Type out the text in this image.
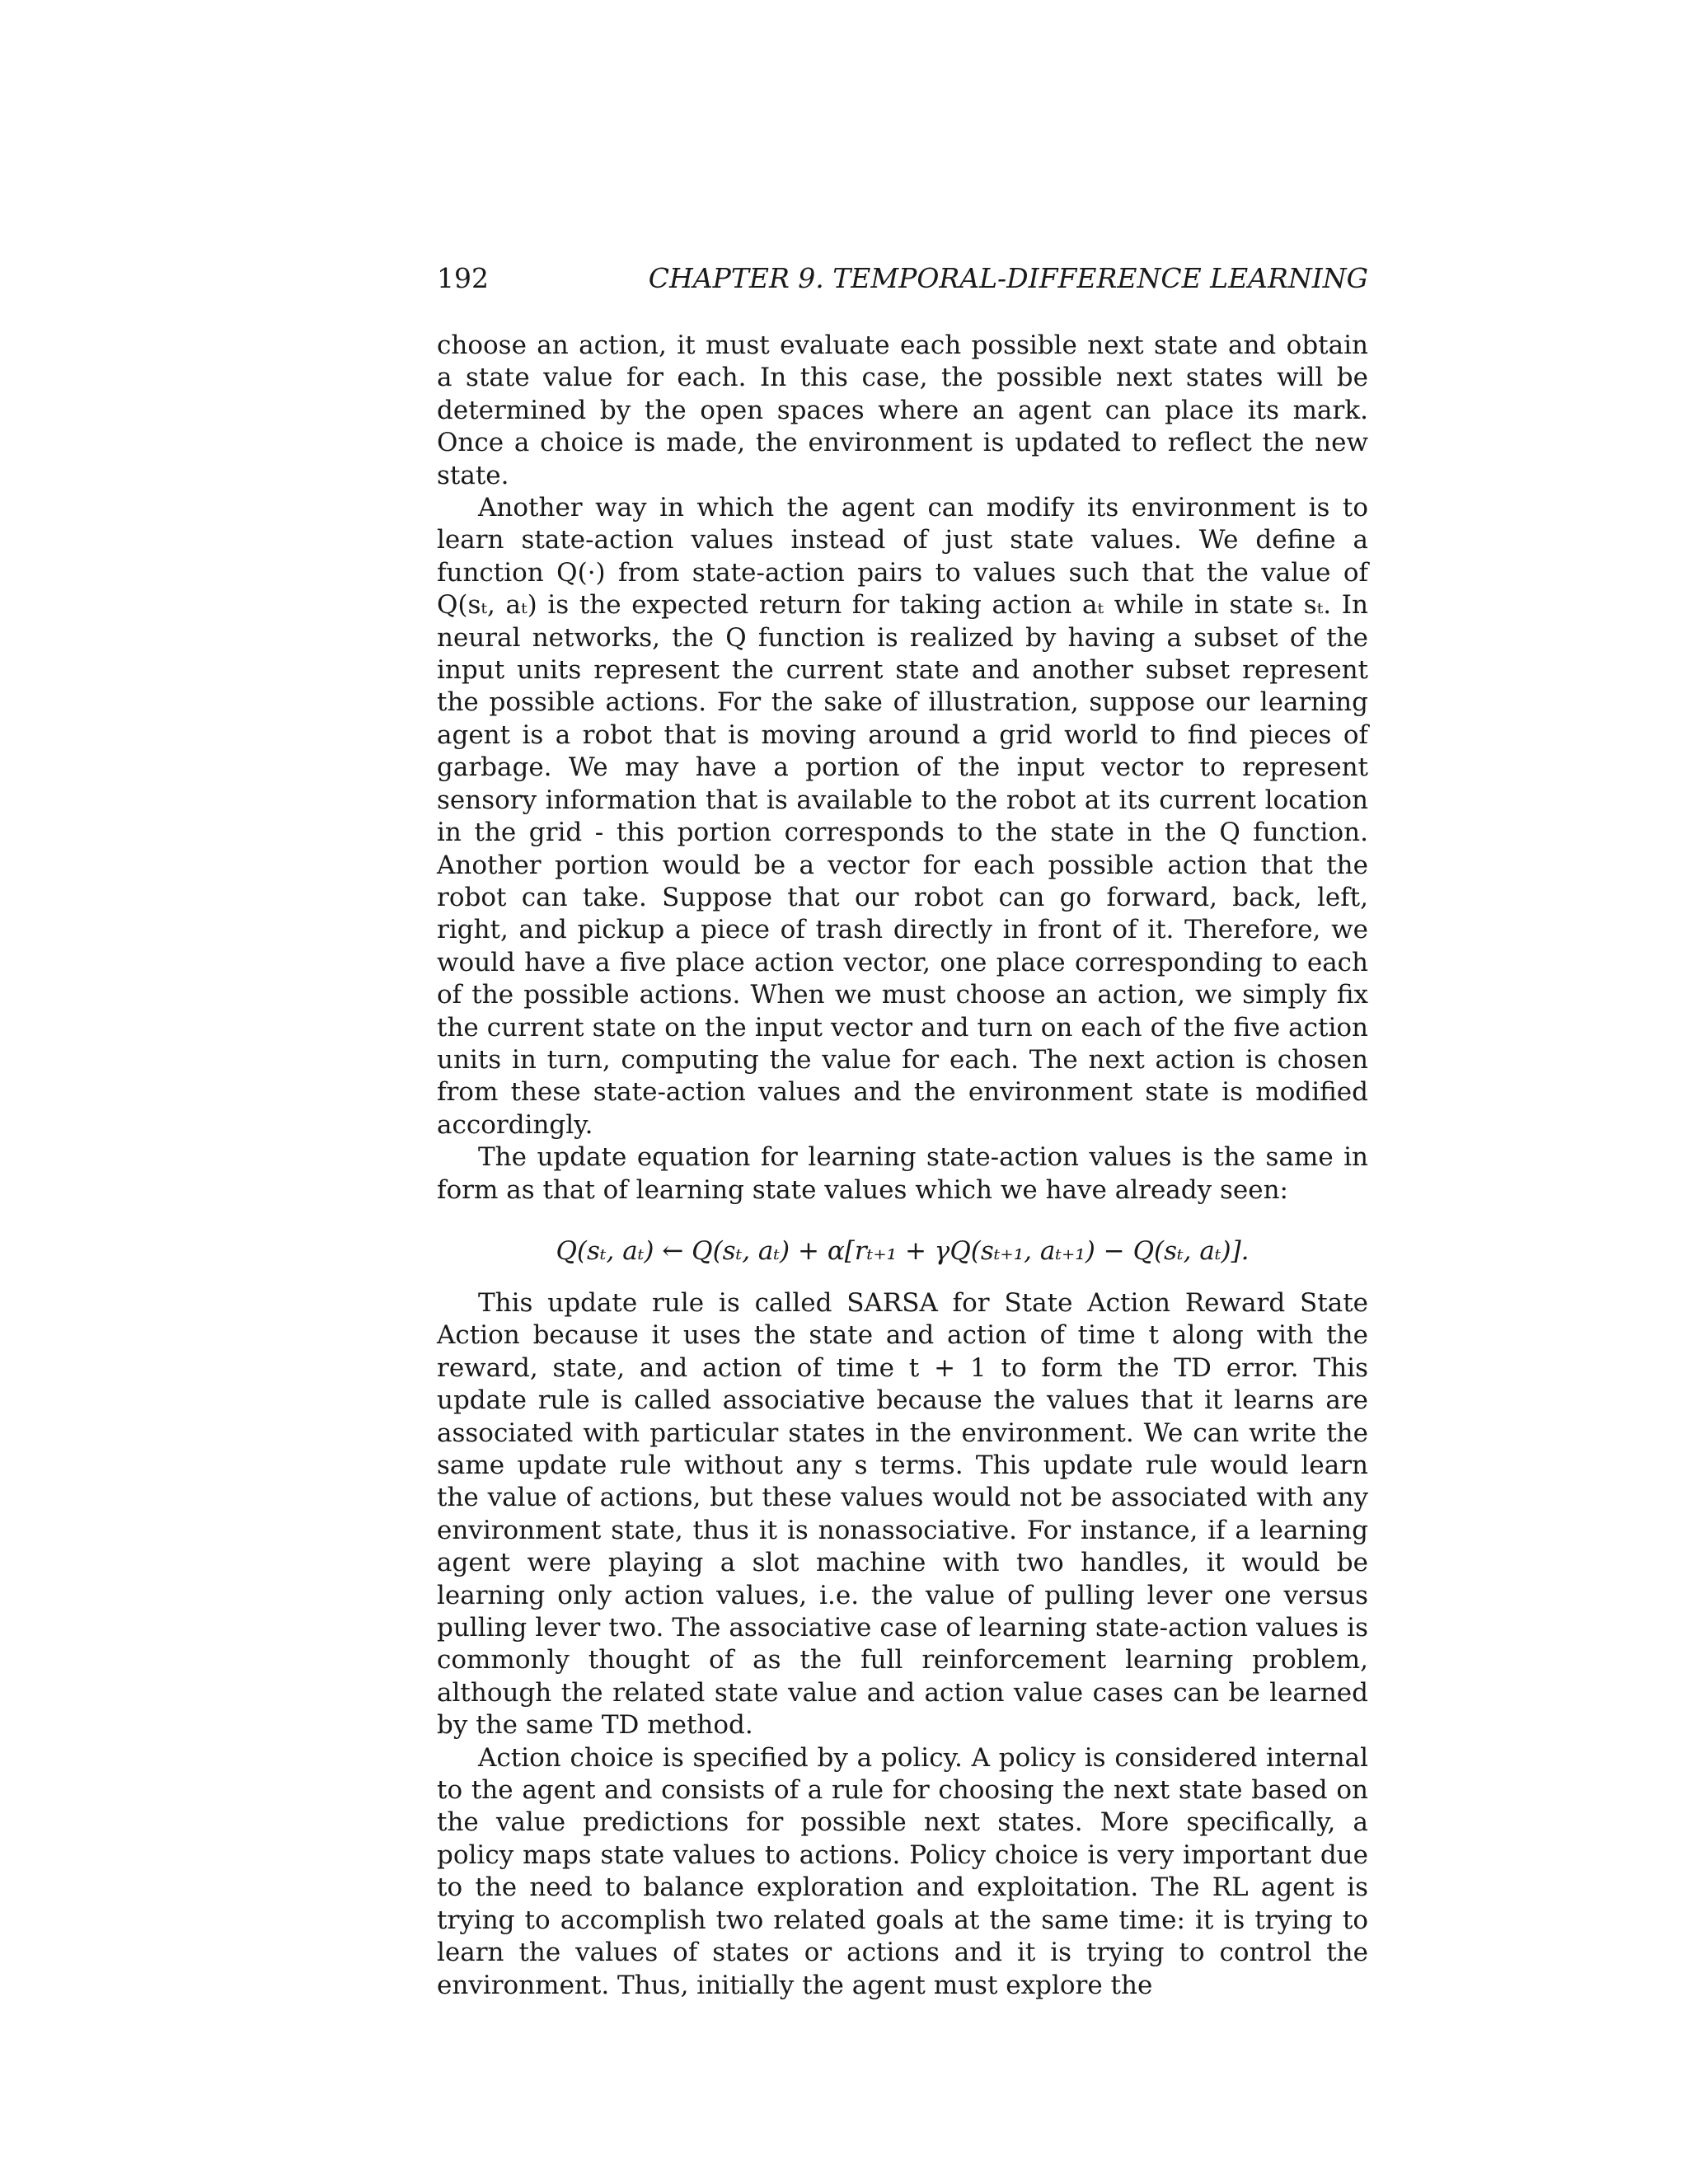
192	CHAPTER 9. TEMPORAL-DIFFERENCE LEARNING

choose an action, it must evaluate each possible next state and obtain a state value for each. In this case, the possible next states will be determined by the open spaces where an agent can place its mark. Once a choice is made, the environment is updated to reflect the new state.

Another way in which the agent can modify its environment is to learn state-action values instead of just state values. We define a function Q(·) from state-action pairs to values such that the value of Q(sₜ, aₜ) is the expected return for taking action aₜ while in state sₜ. In neural networks, the Q function is realized by having a subset of the input units represent the current state and another subset represent the possible actions. For the sake of illustration, suppose our learning agent is a robot that is moving around a grid world to find pieces of garbage. We may have a portion of the input vector to represent sensory information that is available to the robot at its current location in the grid - this portion corresponds to the state in the Q function. Another portion would be a vector for each possible action that the robot can take. Suppose that our robot can go forward, back, left, right, and pickup a piece of trash directly in front of it. Therefore, we would have a five place action vector, one place corresponding to each of the possible actions. When we must choose an action, we simply fix the current state on the input vector and turn on each of the five action units in turn, computing the value for each. The next action is chosen from these state-action values and the environment state is modified accordingly.

The update equation for learning state-action values is the same in form as that of learning state values which we have already seen:

Q(sₜ, aₜ) ← Q(sₜ, aₜ) + α[rₜ₊₁ + γQ(sₜ₊₁, aₜ₊₁) − Q(sₜ, aₜ)].

This update rule is called SARSA for State Action Reward State Action because it uses the state and action of time t along with the reward, state, and action of time t + 1 to form the TD error. This update rule is called associative because the values that it learns are associated with particular states in the environment. We can write the same update rule without any s terms. This update rule would learn the value of actions, but these values would not be associated with any environment state, thus it is nonassociative. For instance, if a learning agent were playing a slot machine with two handles, it would be learning only action values, i.e. the value of pulling lever one versus pulling lever two. The associative case of learning state-action values is commonly thought of as the full reinforcement learning problem, although the related state value and action value cases can be learned by the same TD method.

Action choice is specified by a policy. A policy is considered internal to the agent and consists of a rule for choosing the next state based on the value predictions for possible next states. More specifically, a policy maps state values to actions. Policy choice is very important due to the need to balance exploration and exploitation. The RL agent is trying to accomplish two related goals at the same time: it is trying to learn the values of states or actions and it is trying to control the environment. Thus, initially the agent must explore the
